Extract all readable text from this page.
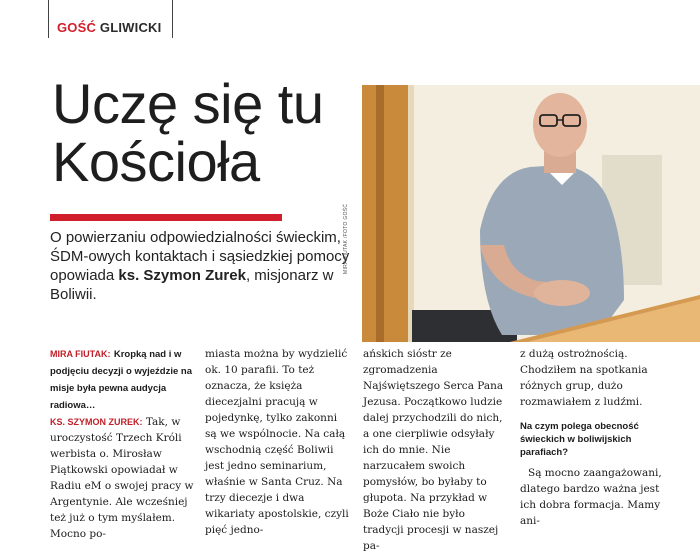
GOŚĆ GLIWICKI
Uczę się tu
Kościoła
O powierzaniu odpowiedzialności świeckim, ŚDM-owych kontaktach i sąsiedzkiej pomocy opowiada ks. Szymon Zurek, misjonarz w Boliwii.
MIRA FIUTAK /FOTO GOŚĆ

MIRA FIUTAK: Kropką nad i w podjęciu decyzji o wyjeździe na misje była pewna audycja radiowa…

KS. SZYMON ZUREK: Tak, w uroczystość Trzech Króli werbista o. Mirosław Piątkowski opowiadał w Radiu eM o swojej pracy w Argentynie. Ale wcześniej też już o tym myślałem. Mocno po-

miasta można by wydzielić ok. 10 parafii. To też oznacza, że księża diecezjalni pracują w pojedynkę, tylko zakonni są we wspólnocie. Na całą wschodnią część Boliwii jest jedno seminarium, właśnie w Santa Cruz. Na trzy diecezje i dwa wikariaty apostolskie, czyli pięć jedno-

ańskich sióstr ze zgromadzenia Najświętszego Serca Pana Jezusa. Początkowo ludzie dalej przychodzili do nich, a one cierpliwie odsyłały ich do mnie. Nie narzucałem swoich pomysłów, bo byłaby to głupota. Na przykład w Boże Ciało nie było tradycji procesji w naszej pa-

z dużą ostrożnością. Chodziłem na spotkania różnych grup, dużo rozmawiałem z ludźmi.

Na czym polega obecność świeckich w boliwijskich parafiach?

Są mocno zaangażowani, dlatego bardzo ważna jest ich dobra formacja. Mamy ani-
